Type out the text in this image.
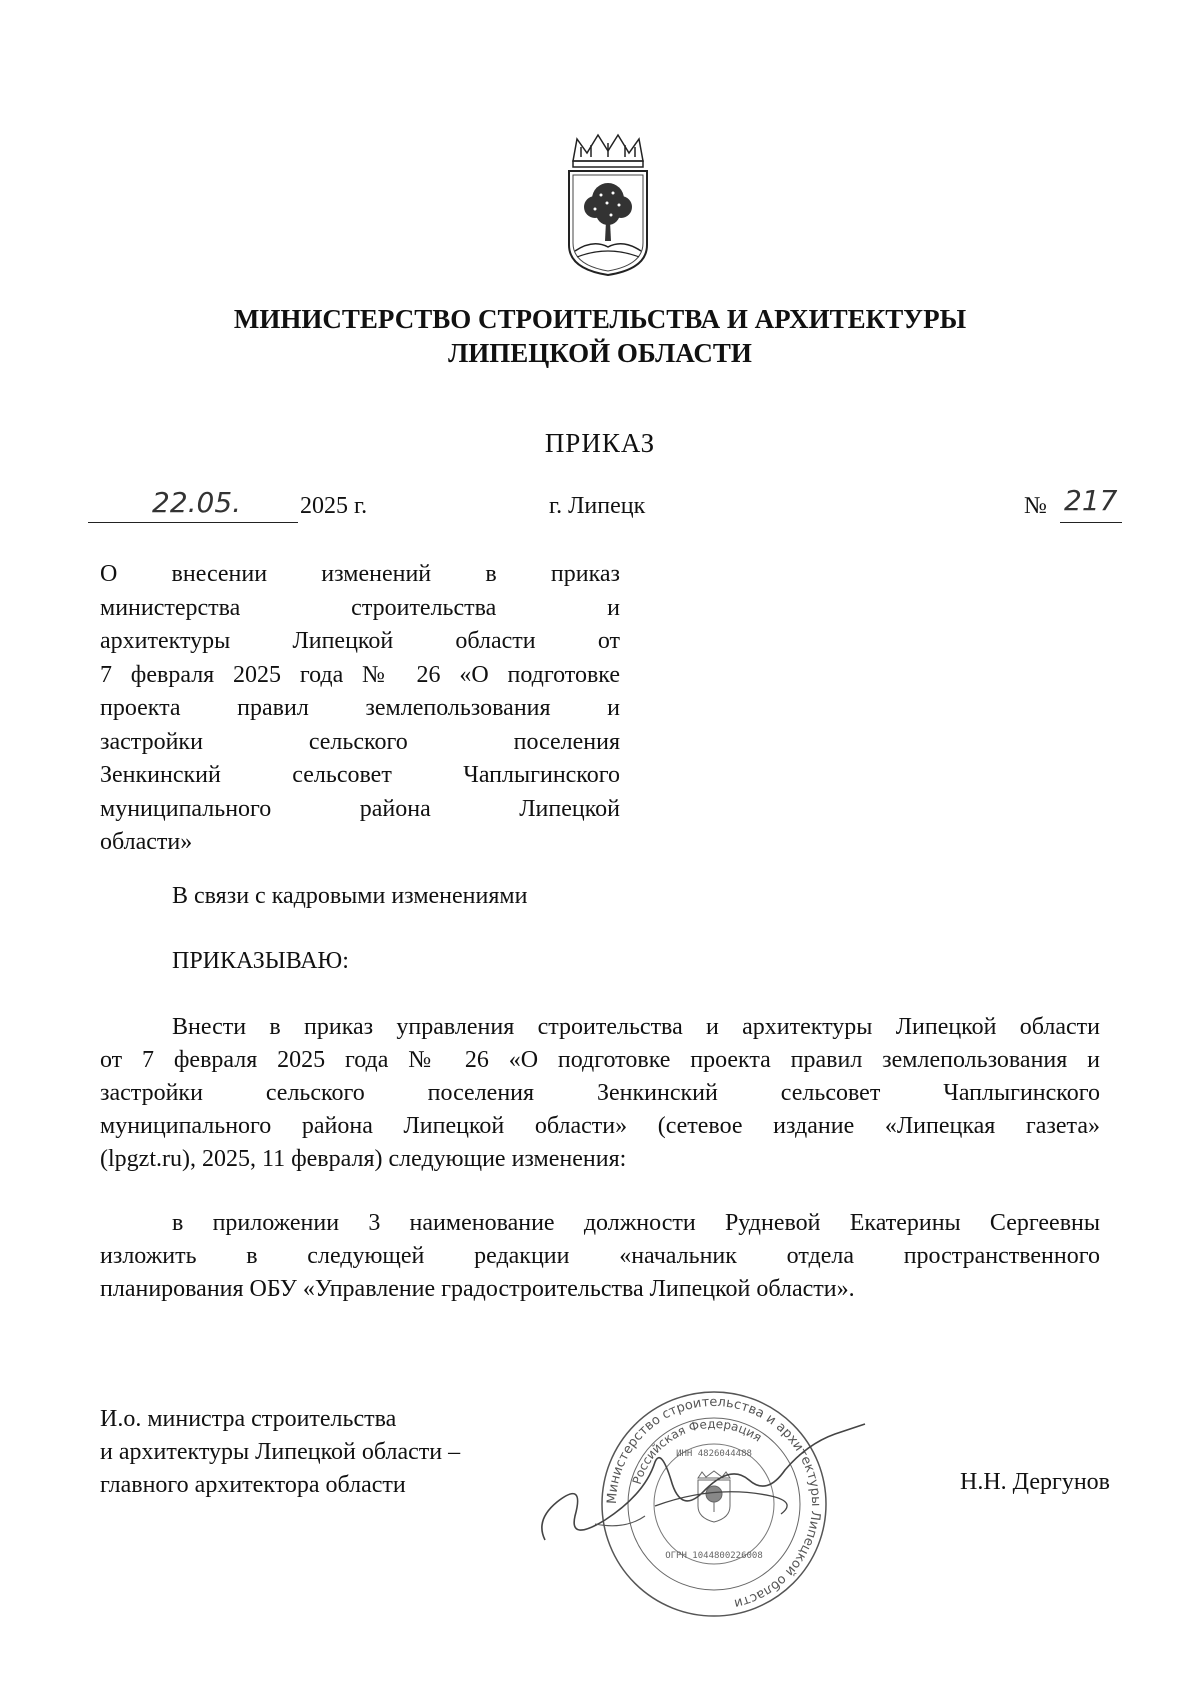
МИНИСТЕРСТВО СТРОИТЕЛЬСТВА И АРХИТЕКТУРЫ
ЛИПЕЦКОЙ ОБЛАСТИ
ПРИКАЗ
22.05. 2025 г.	г. Липецк	№ 217
О внесении изменений в приказ
министерства строительства и
архитектуры Липецкой области от
7 февраля 2025 года № 26 «О подготовке
проекта правил землепользования и
застройки сельского поселения
Зенкинский сельсовет Чаплыгинского
муниципального района Липецкой
области»
В связи с кадровыми изменениями
ПРИКАЗЫВАЮ:
Внести в приказ управления строительства и архитектуры Липецкой области
от 7 февраля 2025 года № 26 «О подготовке проекта правил землепользования и
застройки сельского поселения Зенкинский сельсовет Чаплыгинского
муниципального района Липецкой области» (сетевое издание «Липецкая газета»
(lpgzt.ru), 2025, 11 февраля) следующие изменения:
в приложении 3 наименование должности Рудневой Екатерины Сергеевны
изложить в следующей редакции «начальник отдела пространственного
планирования ОБУ «Управление градостроительства Липецкой области».
И.о. министра строительства
и архитектуры Липецкой области –
главного архитектора области	Н.Н. Дергунов
Министерство строительства и архитектуры Липецкой области
Российская Федерация
ИНН 4826044488
ОГРН 1044800226008
